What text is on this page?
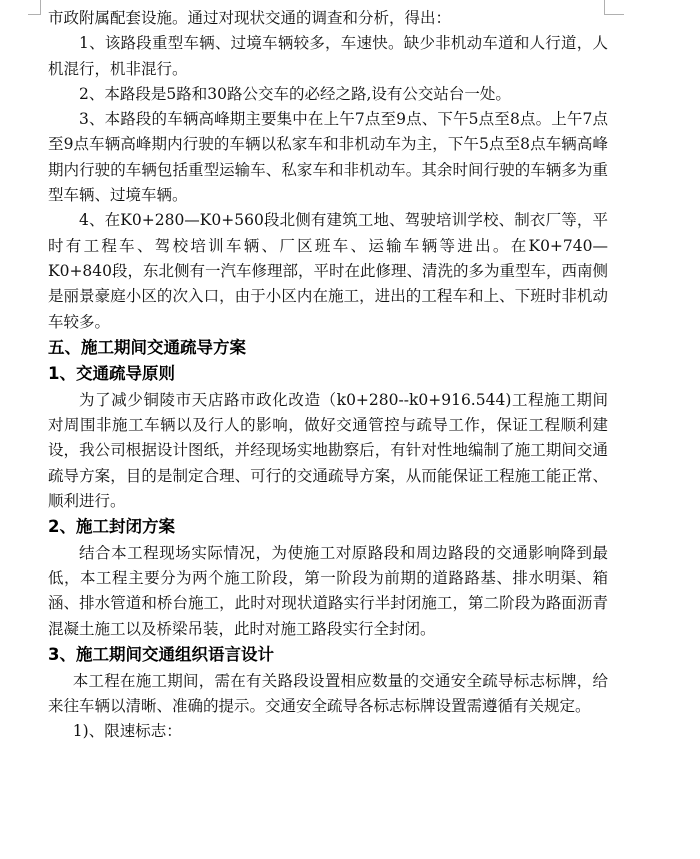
市政附属配套设施。通过对现状交通的调查和分析，得出：

1、该路段重型车辆、过境车辆较多，车速快。缺少非机动车道和人行道，人机混行，机非混行。

2、本路段是5路和30路公交车的必经之路,设有公交站台一处。

3、本路段的车辆高峰期主要集中在上午7点至9点、下午5点至8点。上午7点至9点车辆高峰期内行驶的车辆以私家车和非机动车为主，下午5点至8点车辆高峰期内行驶的车辆包括重型运输车、私家车和非机动车。其余时间行驶的车辆多为重型车辆、过境车辆。

4、在K0+280—K0+560段北侧有建筑工地、驾驶培训学校、制衣厂等，平时有工程车、驾校培训车辆、厂区班车、运输车辆等进出。在K0+740—K0+840段，东北侧有一汽车修理部，平时在此修理、清洗的多为重型车，西南侧是丽景豪庭小区的次入口，由于小区内在施工，进出的工程车和上、下班时非机动车较多。

五、施工期间交通疏导方案
1、交通疏导原则

为了减少铜陵市天店路市政化改造（k0+280--k0+916.544)工程施工期间对周围非施工车辆以及行人的影响，做好交通管控与疏导工作，保证工程顺利建设，我公司根据设计图纸，并经现场实地勘察后，有针对性地编制了施工期间交通疏导方案，目的是制定合理、可行的交通疏导方案，从而能保证工程施工能正常、顺利进行。

2、施工封闭方案

结合本工程现场实际情况，为使施工对原路段和周边路段的交通影响降到最低，本工程主要分为两个施工阶段，第一阶段为前期的道路路基、排水明渠、箱涵、排水管道和桥台施工，此时对现状道路实行半封闭施工，第二阶段为路面沥青混凝土施工以及桥梁吊装，此时对施工路段实行全封闭。

3、施工期间交通组织语言设计

本工程在施工期间，需在有关路段设置相应数量的交通安全疏导标志标牌，给来往车辆以清晰、准确的提示。交通安全疏导各标志标牌设置需遵循有关规定。

1)、限速标志：
